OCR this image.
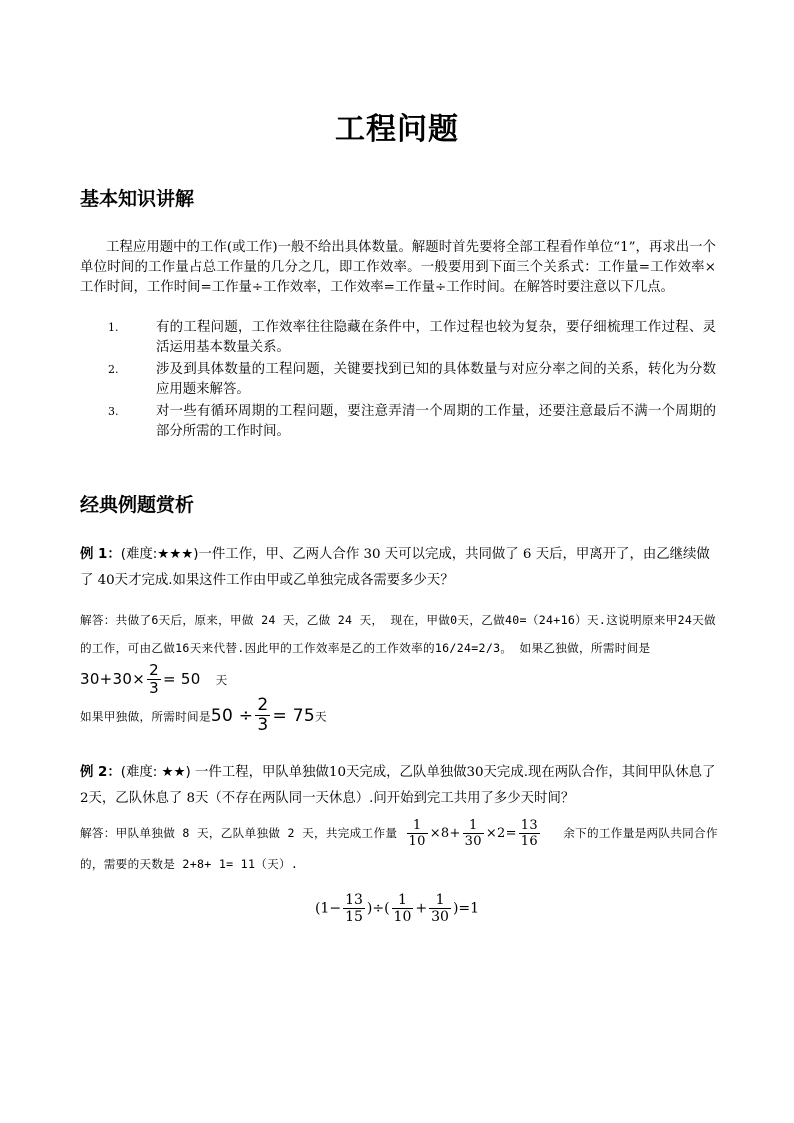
工程问题
基本知识讲解
工程应用题中的工作(或工作)一般不给出具体数量。解题时首先要将全部工程看作单位“1”，再求出一个单位时间的工作量占总工作量的几分之几，即工作效率。一般要用到下面三个关系式：工作量=工作效率×工作时间，工作时间=工作量÷工作效率，工作效率=工作量÷工作时间。在解答时要注意以下几点。
1.	有的工程问题，工作效率往往隐藏在条件中，工作过程也较为复杂，要仔细梳理工作过程、灵活运用基本数量关系。
2.	涉及到具体数量的工程问题，关键要找到已知的具体数量与对应分率之间的关系，转化为分数应用题来解答。
3.	对一些有循环周期的工程问题，要注意弄清一个周期的工作量，还要注意最后不满一个周期的部分所需的工作时间。
经典例题赏析
例 1：(难度:★★★)一件工作，甲、乙两人合作 30 天可以完成，共同做了 6 天后，甲离开了，由乙继续做了 40天才完成.如果这件工作由甲或乙单独完成各需要多少天？
解答：共做了6天后，原来，甲做 24 天，乙做 24 天， 现在，甲做0天，乙做40=（24+16）天.这说明原来甲24天做的工作，可由乙做16天来代替.因此甲的工作效率是乙的工作效率的16/24=2/3。 如果乙独做，所需时间是 $30+30\times \frac{2}{3} = 50$ 天
如果甲独做，所需时间是$50 \div \frac{2}{3} = 75$天
例 2：(难度: ★★) 一件工程，甲队单独做10天完成，乙队单独做30天完成.现在两队合作，其间甲队休息了 2天，乙队休息了 8天（不存在两队同一天休息）.问开始到完工共用了多少天时间？
解答：甲队单独做 8 天，乙队单独做 2 天，共完成工作量 $\frac{1}{10} \times 8+ \frac{1}{30} \times 2= \frac{13}{16}$ 余下的工作量是两队共同合作的，需要的天数是 2+8+ 1= 11（天）.
($1- \frac{13}{15}$ )÷( $\frac{1}{10} + \frac{1}{30} )=1$
